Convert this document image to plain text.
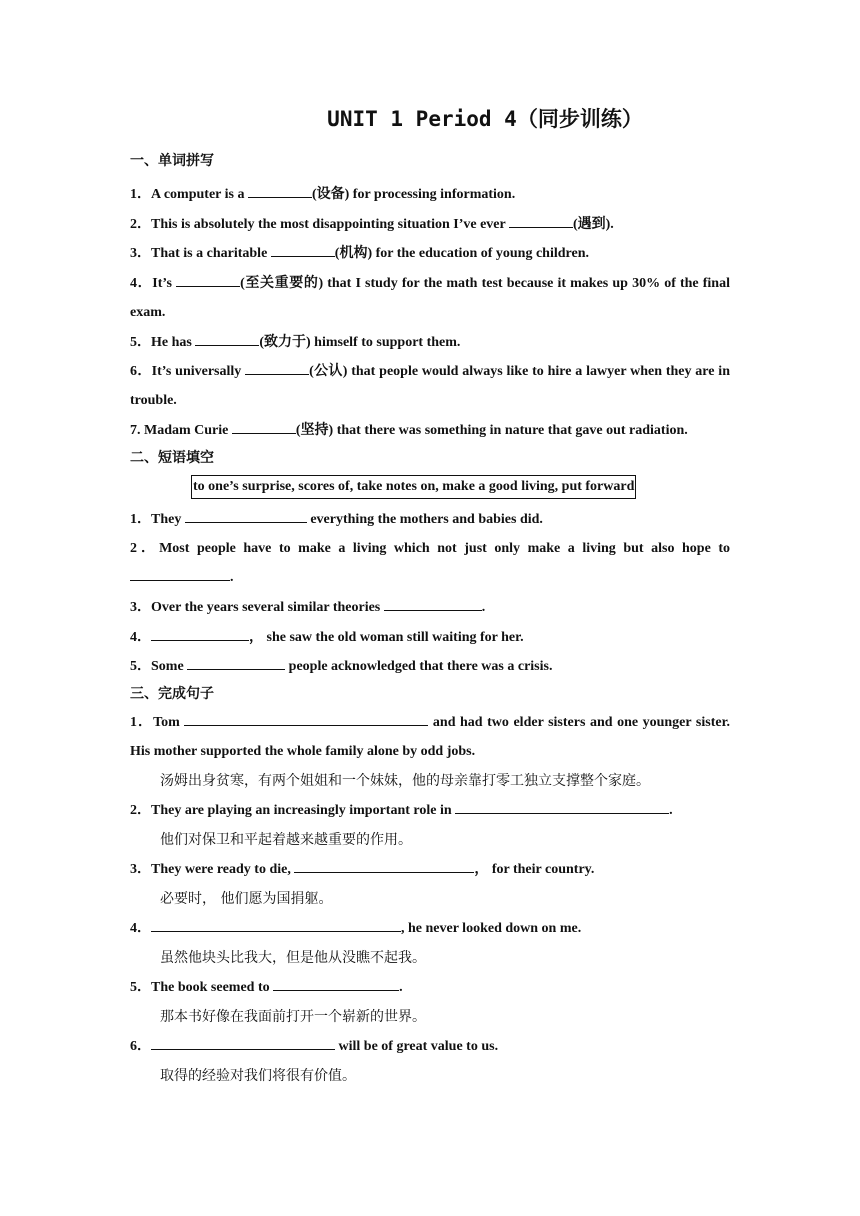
UNIT 1 Period 4（同步训练）
一、单词拼写

1．A computer is a	(设备) for processing information.

2．This is absolutely the most disappointing situation I’ve ever	(遇到).

3．That is a charitable	(机构) for the education of young children.

4．It’s	(至关重要的) that I study for the math test because it makes up 30% of the final exam.

5．He has	(致力于) himself to support them.

6．It’s universally	(公认) that people would always like to hire a lawyer when they are in trouble.

7. Madam Curie	(坚持) that there was something in nature that gave out radiation.

二、短语填空
to one’s surprise, scores of, take notes on, make a good living, put forward

1．They	everything the mothers and babies did.

2．Most people have to make a living which not just only make a living but also hope to .

3．Over the years several similar theories	.

4．	， she saw the old woman still waiting for her.

5．Some	people acknowledged that there was a crisis.

三、完成句子

1．Tom	and had two elder sisters and one younger sister. His mother supported the whole family alone by odd jobs.

汤姆出身贫寒，有两个姐姐和一个妹妹，他的母亲靠打零工独立支撑整个家庭。

2．They are playing an increasingly important role in	.

他们对保卫和平起着越来越重要的作用。

3．They were ready to die,	， for their country.

必要时， 他们愿为国捐躯。

4．	, he never looked down on me.

虽然他块头比我大，但是他从没瞧不起我。

5．The book seemed to	.

那本书好像在我面前打开一个崭新的世界。

6．	will be of great value to us.

取得的经验对我们将很有价值。
